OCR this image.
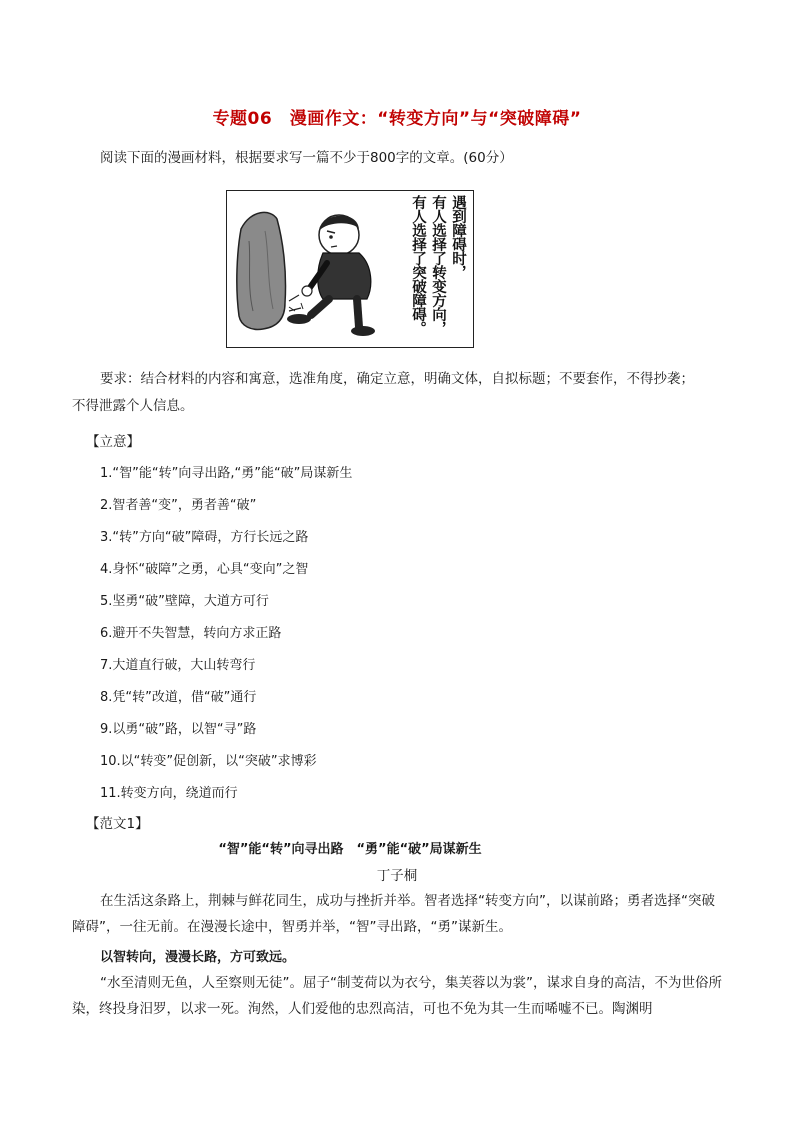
专题06　漫画作文：“转变方向”与“突破障碍”
阅读下面的漫画材料，根据要求写一篇不少于800字的文章。(60分）
遇到障碍时，
有人选择了转变方向，
有人选择了突破障碍。
要求：结合材料的内容和寓意，选准角度，确定立意，明确文体，自拟标题；不要套作，不得抄袭；
不得泄露个人信息。
【立意】
1.“智”能“转”向寻出路,“勇”能“破”局谋新生
2.智者善“变”，勇者善“破”
3.“转”方向“破”障碍，方行长远之路
4.身怀“破障”之勇，心具“变向”之智
5.坚勇“破”壁障，大道方可行
6.避开不失智慧，转向方求正路
7.大道直行破，大山转弯行
8.凭“转”改道，借“破”通行
9.以勇“破”路，以智“寻”路
10.以“转变”促创新，以“突破”求博彩
11.转变方向，绕道而行
【范文1】
“智”能“转”向寻出路　“勇”能“破”局谋新生
丁子桐
在生活这条路上，荆棘与鲜花同生，成功与挫折并举。智者选择“转变方向”，以谋前路；勇者选择“突破障碍”，一往无前。在漫漫长途中，智勇并举，“智”寻出路，“勇”谋新生。
以智转向，漫漫长路，方可致远。
“水至清则无鱼，人至察则无徒”。屈子“制芰荷以为衣兮，集芙蓉以为裳”，谋求自身的高洁，不为世俗所染，终投身汨罗，以求一死。洵然，人们爱他的忠烈高洁，可也不免为其一生而唏嘘不已。陶渊明
